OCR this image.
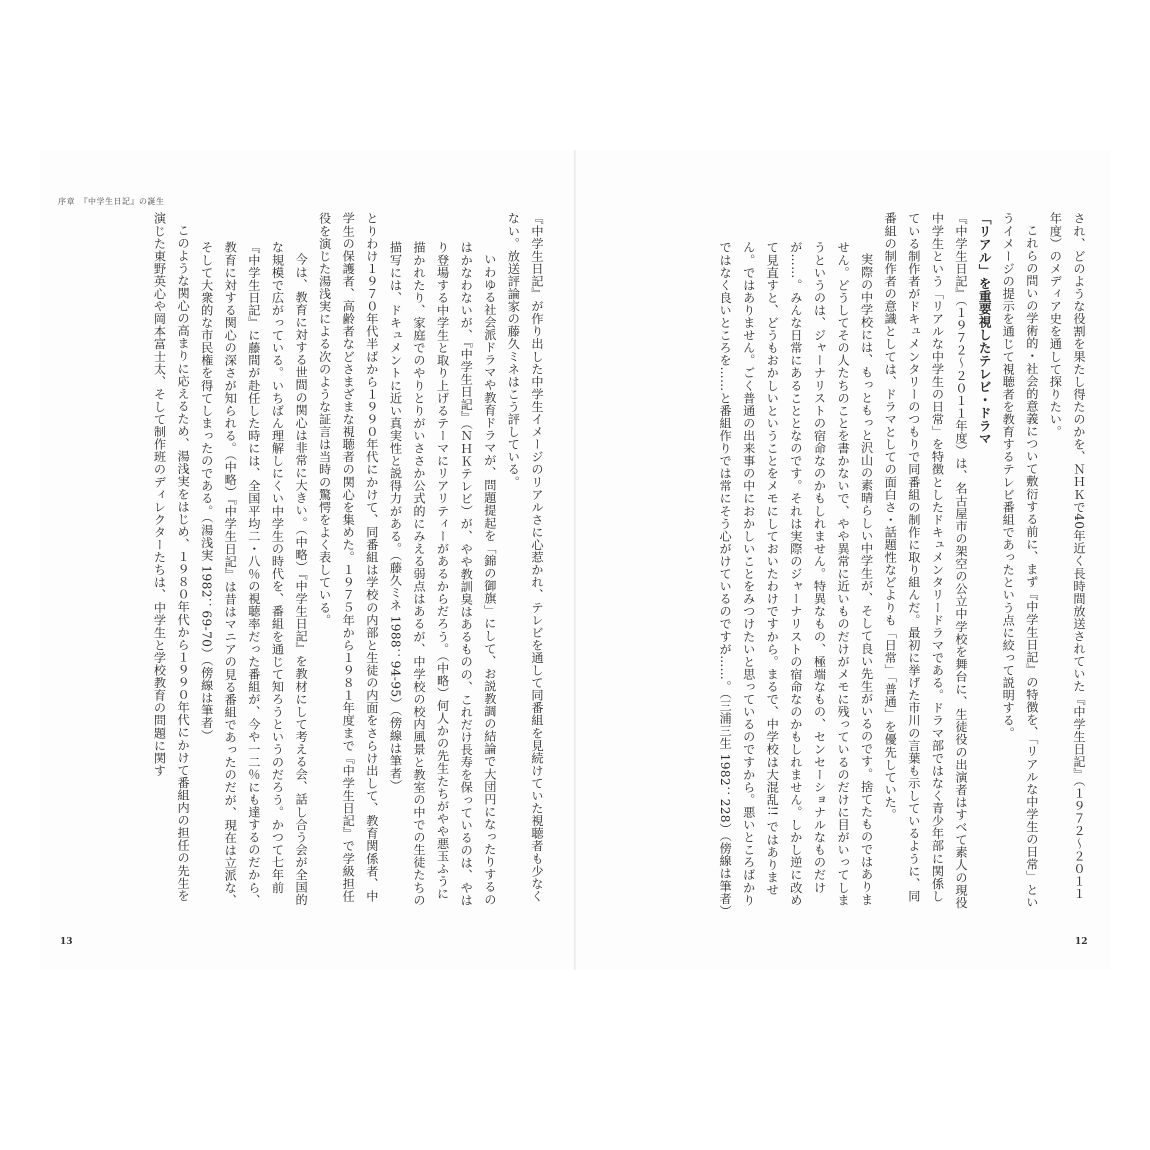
序章　『中学生日記』の誕生

され、どのような役割を果たし得たのかを、ＮＨＫで40年近く長時間放送されていた『中学生日記』（１９７２〜２０１１年度）のメディア史を通して探りたい。

これらの問いの学術的・社会的意義について敷衍する前に、まず『中学生日記』の特徴を、「リアルな中学生の日常」というイメージの提示を通じて視聴者を教育するテレビ番組であったという点に絞って説明する。

「リアル」を重要視したテレビ・ドラマ

『中学生日記』（１９７２〜２０１１年度）は、名古屋市の架空の公立中学校を舞台に、生徒役の出演者はすべて素人の現役中学生という「リアルな中学生の日常」を特徴としたドキュメンタリードラマである。ドラマ部ではなく青少年部に関係している制作者がドキュメンタリーのつもりで同番組の制作に取り組んだ。最初に挙げた市川の言葉も示しているように、同番組の制作者の意識としては、ドラマとしての面白さ・話題性などよりも「日常」「普通」を優先していた。

実際の中学校には、もっともっと沢山の素晴らしい中学生が、そして良い先生がいるのです。捨てたものではありません。どうしてその人たちのことを書かないで、やや異常に近いものだけがメモに残っているのだけに目がいってしまうというのは、ジャーナリストの宿命なのかもしれません。特異なもの、極端なもの、センセーショナルなものだけが……。みんな日常にあることとなのです。それは実際のジャーナリストの宿命なのかもしれません。しかし逆に改めて見直すと、どうもおかしいということをメモにしておいたわけですから。まるで、中学校は大混乱!! ではありません。ではありません。ごく普通の出来事の中におかしいことをみつけたいと思っているのですから。悪いところばかりではなく良いところを……と番組作りでは常にそう心がけているのですが……。（三浦三生 1982：228）（傍線は筆者）

『中学生日記』が作り出した中学生イメージのリアルさに心惹かれ、テレビを通して同番組を見続けていた視聴者も少なくない。放送評論家の藤久ミネはこう評している。

いわゆる社会派ドラマや教育ドラマが、問題提起を「錦の御旗」にして、お説教調の結論で大団円になったりするのはかなわないが、『中学生日記』（ＮＨＫテレビ）が、やや教訓臭はあるものの、これだけ長寿を保っているのは、やはり登場する中学生と取り上げるテーマにリアリティーがあるからだろう。（中略）何人かの先生たちがやや悪玉ふうに描かれたり、家庭でのやりとりがいささか公式的にみえる弱点はあるが、中学校の校内風景と教室の中での生徒たちの描写には、ドキュメントに近い真実性と説得力がある。（藤久ミネ 1988：94-95）（傍線は筆者）

とりわけ１９７０年代半ばから１９９０年代にかけて、同番組は学校の内部と生徒の内面をさらけ出して、教育関係者、中学生の保護者、高齢者などさまざまな視聴者の関心を集めた。１９７５年から１９８１年度まで『中学生日記』で学級担任役を演じた湯浅実による次のような証言は当時の驚愕をよく表している。

今は、教育に対する世間の関心は非常に大きい。（中略）『中学生日記』を教材にして考える会、話し合う会が全国的な規模で広がっている。いちばん理解しにくい中学生の時代を、番組を通じて知ろうというのだろう。かつて七年前『中学生日記』に藤間が赴任した時には、全国平均二・八％の視聴率だった番組が、今や一二％にも達するのだから、教育に対する関心の深さが知られる。（中略）『中学生日記』は昔はマニアの見る番組であったのだが、現在は立派な、そして大衆的な市民権を得てしまったのである。（湯浅実 1982：69-70）（傍線は筆者）

このような関心の高まりに応えるため、湯浅実をはじめ、１９８０年代から１９９０年代にかけて番組内の担任の先生を演じた東野英心や岡本富士太、そして制作班のディレクターたちは、中学生と学校教育の問題に関す

13	12
